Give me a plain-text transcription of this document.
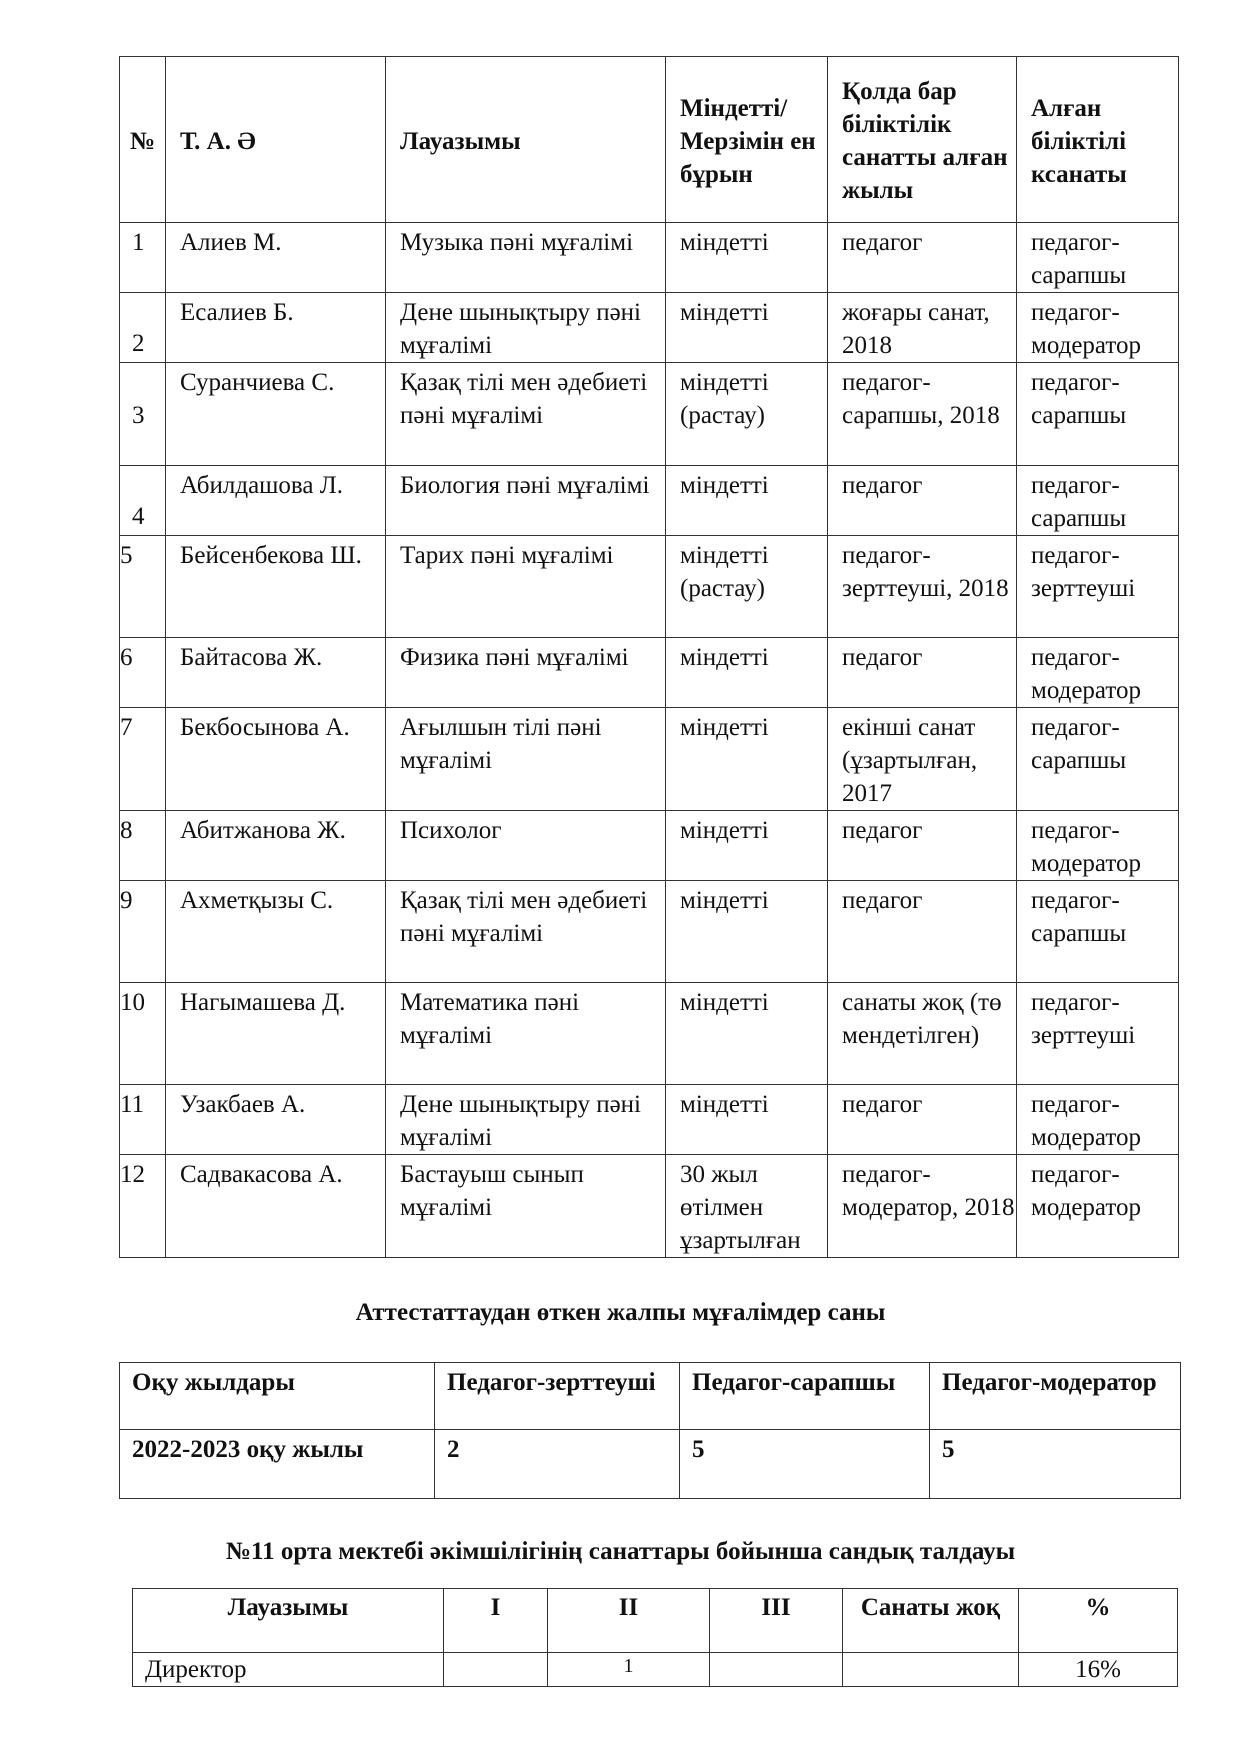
№	Т. А. Ә	Лауазымы	Міндетті/ Мерзімін ен бұрын	Қолда бар біліктілік санатты алған жылы	Алған біліктілі ксанаты

1	Алиев М.	Музыка пәні мұғалімі	міндетті	педагог	педагог-сарапшы

2	Есалиев Б.	Дене шынықтыру пәні мұғалімі	міндетті	жоғары санат, 2018	педагог-модератор

3	Суранчиева С.	Қазақ тілі мен әдебиеті пәні мұғалімі	міндетті (растау)	педагог-сарапшы, 2018	педагог-сарапшы

4	Абилдашова Л.	Биология пәні мұғалімі	міндетті	педагог	педагог-сарапшы

5	Бейсенбекова Ш.	Тарих пәні мұғалімі	міндетті (растау)	педагог-зерттеуші, 2018	педагог-зерттеуші

6	Байтасова Ж.	Физика пәні мұғалімі	міндетті	педагог	педагог-модератор

7	Бекбосынова А.	Ағылшын тілі пәні мұғалімі	міндетті	екінші санат (ұзартылған, 2017	педагог-сарапшы

8	Абитжанова Ж.	Психолог	міндетті	педагог	педагог-модератор

9	Ахметқызы С.	Қазақ тілі мен әдебиеті пәні мұғалімі	міндетті	педагог	педагог-сарапшы

10	Нагымашева Д.	Математика пәні мұғалімі	міндетті	санаты жоқ (төмендетілген)	педагог-зерттеуші

11	Узакбаев А.	Дене шынықтыру пәні мұғалімі	міндетті	педагог	педагог-модератор

12	Садвакасова А.	Бастауыш сынып мұғалімі	30 жыл өтілмен ұзартылған	педагог-модератор, 2018	педагог-модератор
Аттестаттаудан өткен жалпы мұғалімдер саны
Оқу жылдары	Педагог-зерттеуші	Педагог-сарапшы	Педагог-модератор

2022-2023 оқу жылы	2	5	5
№11 орта мектебі әкімшілігінің санаттары бойынша сандық талдауы
Лауазымы	I	II	III	Санаты жоқ	%

Директор		1			16%
